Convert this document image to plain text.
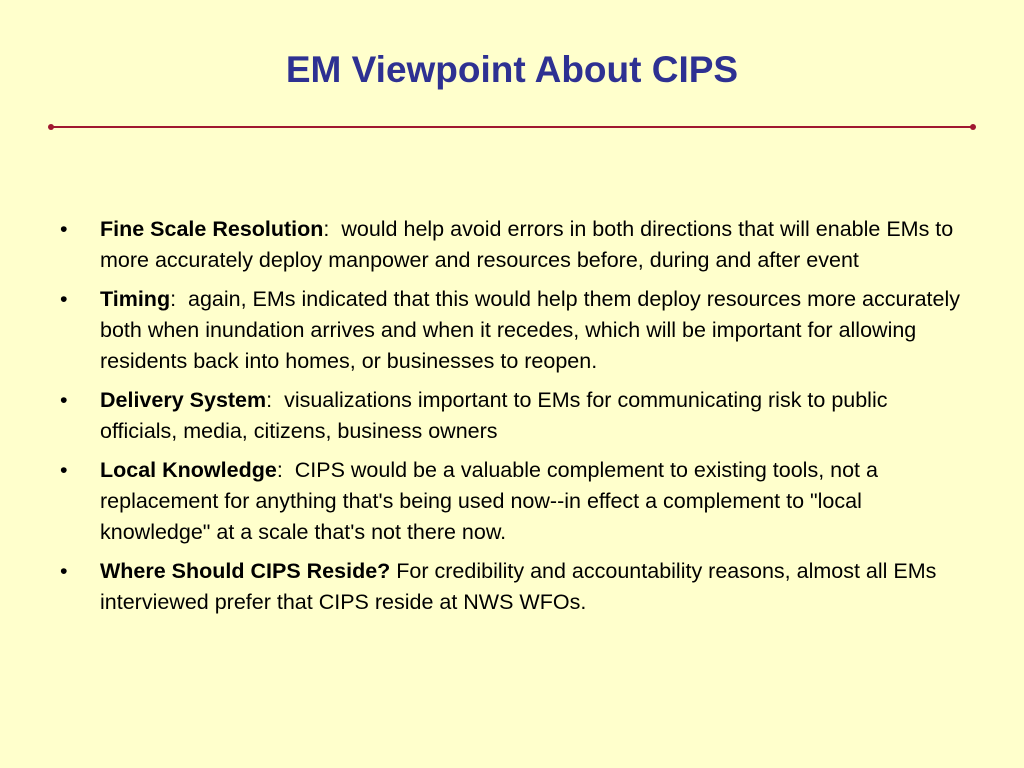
EM Viewpoint About CIPS
•	Fine Scale Resolution:  would help avoid errors in both directions that will enable EMs to more accurately deploy manpower and resources before, during and after event
•	Timing:  again, EMs indicated that this would help them deploy resources more accurately both when inundation arrives and when it recedes, which will be important for allowing residents back into homes, or businesses to reopen.
•	Delivery System:  visualizations important to EMs for communicating risk to public officials, media, citizens, business owners
•	Local Knowledge:  CIPS would be a valuable complement to existing tools, not a replacement for anything that's being used now--in effect a complement to "local knowledge" at a scale that's not there now.
•	Where Should CIPS Reside? For credibility and accountability reasons, almost all EMs interviewed prefer that CIPS reside at NWS WFOs.
